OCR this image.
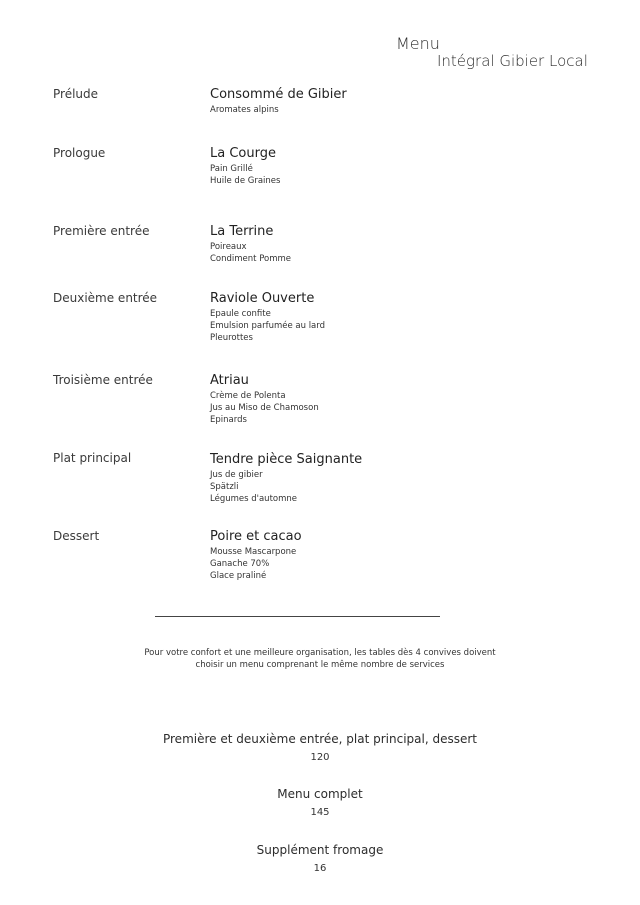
Menu
Intégral Gibier Local
Prélude	Consommé de Gibier
Aromates alpins
Prologue	La Courge
Pain Grillé
Huile de Graines
Première entrée	La Terrine
Poireaux
Condiment Pomme
Deuxième entrée	Raviole Ouverte
Epaule confite
Emulsion parfumée au lard
Pleurottes
Troisième entrée	Atriau
Crème de Polenta
Jus au Miso de Chamoson
Epinards
Plat principal	Tendre pièce Saignante
Jus de gibier
Spätzli
Légumes d'automne
Dessert	Poire et cacao
Mousse Mascarpone
Ganache 70%
Glace praliné
Pour votre confort et une meilleure organisation, les tables dès 4 convives doivent
choisir un menu comprenant le même nombre de services
Première et deuxième entrée, plat principal, dessert
120
Menu complet
145
Supplément fromage
16
